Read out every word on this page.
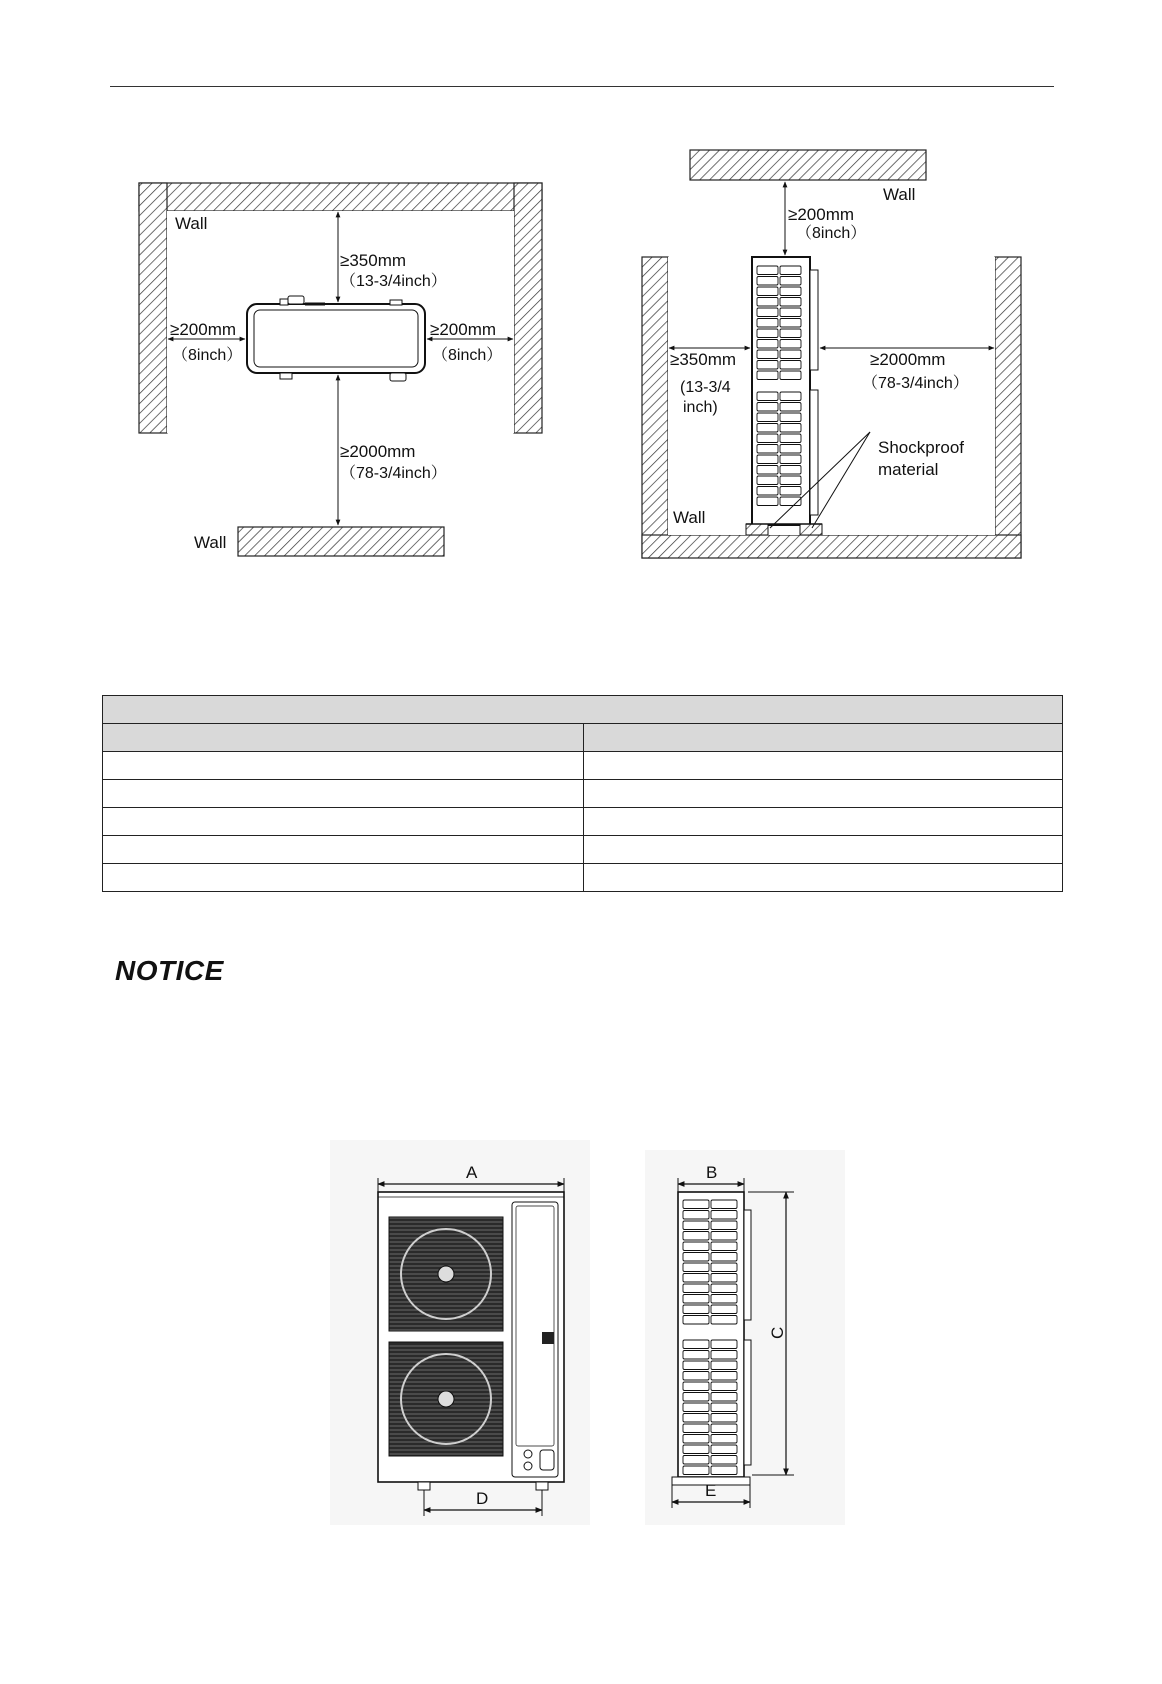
Wall
≥350mm
（13-3/4inch）
≥200mm
（8inch）
≥200mm
（8inch）
≥2000mm
（78-3/4inch）
Wall
Wall
≥200mm
（8inch）
≥350mm
(13-3/4
inch)
≥2000mm
（78-3/4inch）
Shockproof
material
Wall

NOTICE
A
D
B
C
E
